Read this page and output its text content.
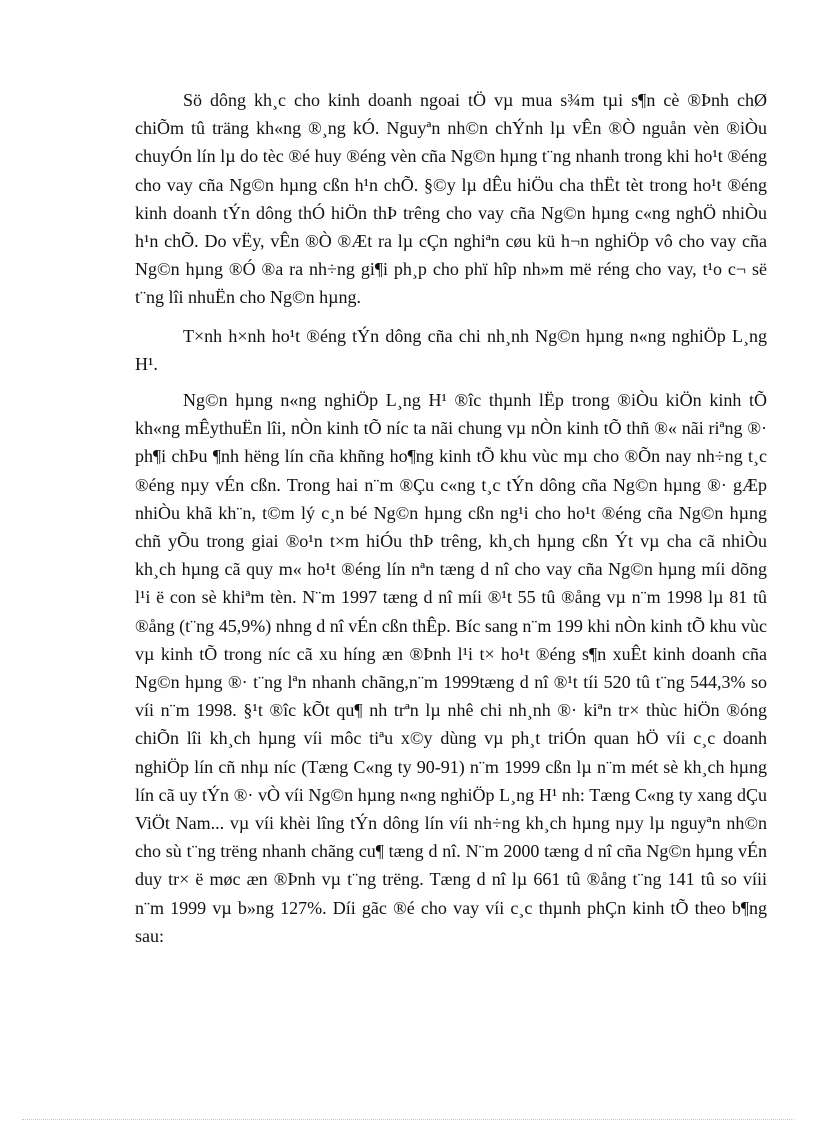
Sö dông kh¸c cho kinh doanh ngoai tÖ vµ mua s¾m tµi s¶n cè ®Þnh chØ chiÕm tû träng kh«ng ®¸ng kÓ. Nguyªn nh©n chÝnh lµ vÊn ®Ò nguån vèn ®iÒu chuyÓn lín lµ do tèc ®é huy ®éng vèn cña Ng©n hµng t¨ng nhanh trong khi ho¹t ®éng cho vay cña Ng©n hµng cßn h¹n chÕ. §©y lµ dÊu hiÖu cha thËt tèt trong ho¹t ®éng kinh doanh tÝn dông thÓ hiÖn thÞ trêng cho vay cña Ng©n hµng c«ng nghÖ nhiÒu h¹n chÕ. Do vËy, vÊn ®Ò ®Æt ra lµ cÇn nghiªn cøu kü h¬n nghiÖp vô cho vay cña Ng©n hµng ®Ó ®a ra nh÷ng gi¶i ph¸p cho phï hîp nh»m më réng cho vay, t¹o c¬ së t¨ng lîi nhuËn cho Ng©n hµng.

T×nh h×nh ho¹t ®éng tÝn dông cña chi nh¸nh Ng©n hµng n«ng nghiÖp L¸ng H¹.

Ng©n hµng n«ng nghiÖp L¸ng H¹ ®îc thµnh lËp trong ®iÒu kiÖn kinh tÕ kh«ng mÊythuËn lîi, nÒn kinh tÕ níc ta nãi chung vµ nÒn kinh tÕ thñ ®« nãi riªng ®· ph¶i chÞu ¶nh hëng lín cña khñng ho¶ng kinh tÕ khu vùc mµ cho ®Õn nay nh÷ng t¸c ®éng nµy vÉn cßn. Trong hai n¨m ®Çu c«ng t¸c tÝn dông cña Ng©n hµng ®· gÆp nhiÒu khã kh¨n, t©m lý c¸n bé Ng©n hµng cßn ng¹i cho ho¹t ®éng cña Ng©n hµng chñ yÕu trong giai ®o¹n t×m hiÓu thÞ trêng, kh¸ch hµng cßn Ýt vµ cha cã nhiÒu kh¸ch hµng cã quy m« ho¹t ®éng lín nªn tæng d nî cho vay cña Ng©n hµng míi dõng l¹i ë con sè khiªm tèn. N¨m 1997 tæng d nî míi ®¹t 55 tû ®ång vµ n¨m 1998 lµ 81 tû ®ång (t¨ng 45,9%) nhng d nî vÉn cßn thÊp. Bíc sang n¨m 199 khi nÒn kinh tÕ khu vùc vµ kinh tÕ trong níc cã xu híng æn ®Þnh l¹i t× ho¹t ®éng s¶n xuÊt kinh doanh cña Ng©n hµng ®· t¨ng lªn nhanh chãng,n¨m 1999tæng d nî ®¹t tíi 520 tû t¨ng 544,3% so víi n¨m 1998. §¹t ®îc kÕt qu¶ nh trªn lµ nhê chi nh¸nh ®· kiªn tr× thùc hiÖn ®óng chiÕn lîi kh¸ch hµng víi môc tiªu x©y dùng vµ ph¸t triÓn quan hÖ víi c¸c doanh nghiÖp lín cñ nhµ níc (Tæng C«ng ty 90-91) n¨m 1999 cßn lµ n¨m mét sè kh¸ch hµng lín cã uy tÝn ®· vÒ víi Ng©n hµng n«ng nghiÖp L¸ng H¹ nh: Tæng C«ng ty xang dÇu ViÖt Nam... vµ víi khèi lîng tÝn dông lín víi nh÷ng kh¸ch hµng nµy lµ nguyªn nh©n cho sù t¨ng trëng nhanh chãng cu¶ tæng d nî. N¨m 2000 tæng d nî cña Ng©n hµng vÉn duy tr× ë møc æn ®Þnh vµ t¨ng trëng. Tæng d nî lµ 661 tû ®ång t¨ng 141 tû so víii n¨m 1999 vµ b»ng 127%. Díi gãc ®é cho vay víi c¸c thµnh phÇn kinh tÕ theo b¶ng sau:
